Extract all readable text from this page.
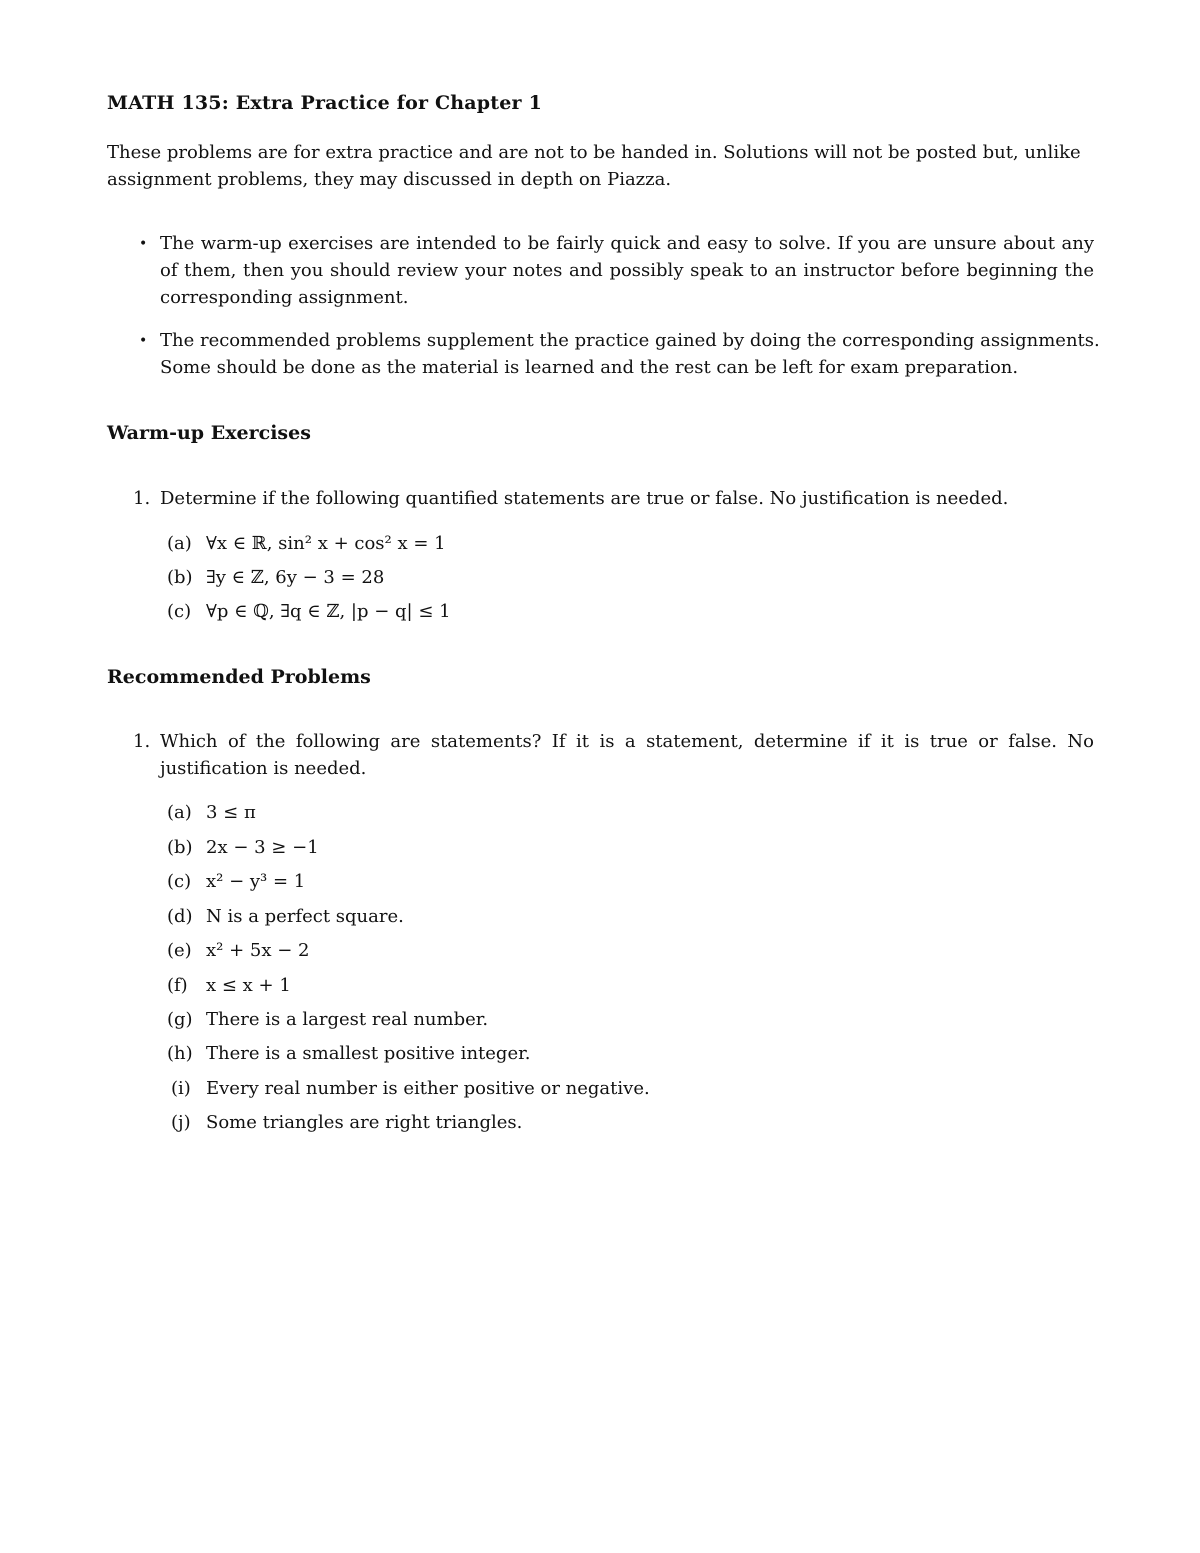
MATH 135: Extra Practice for Chapter 1
These problems are for extra practice and are not to be handed in. Solutions will not be posted but, unlike
assignment problems, they may discussed in depth on Piazza.
• The warm-up exercises are intended to be fairly quick and easy to solve. If you are unsure about any
of them, then you should review your notes and possibly speak to an instructor before beginning the
corresponding assignment.
• The recommended problems supplement the practice gained by doing the corresponding assignments.
Some should be done as the material is learned and the rest can be left for exam preparation.
Warm-up Exercises
1. Determine if the following quantified statements are true or false. No justification is needed.
(a) ∀x ∈ ℝ, sin² x + cos² x = 1
(b) ∃y ∈ ℤ, 6y − 3 = 28
(c) ∀p ∈ ℚ, ∃q ∈ ℤ, |p − q| ≤ 1
Recommended Problems
1. Which of the following are statements? If it is a statement, determine if it is true or false. No
justification is needed.
(a) 3 ≤ π
(b) 2x − 3 ≥ −1
(c) x² − y³ = 1
(d) N is a perfect square.
(e) x² + 5x − 2
(f) x ≤ x + 1
(g) There is a largest real number.
(h) There is a smallest positive integer.
(i) Every real number is either positive or negative.
(j) Some triangles are right triangles.
